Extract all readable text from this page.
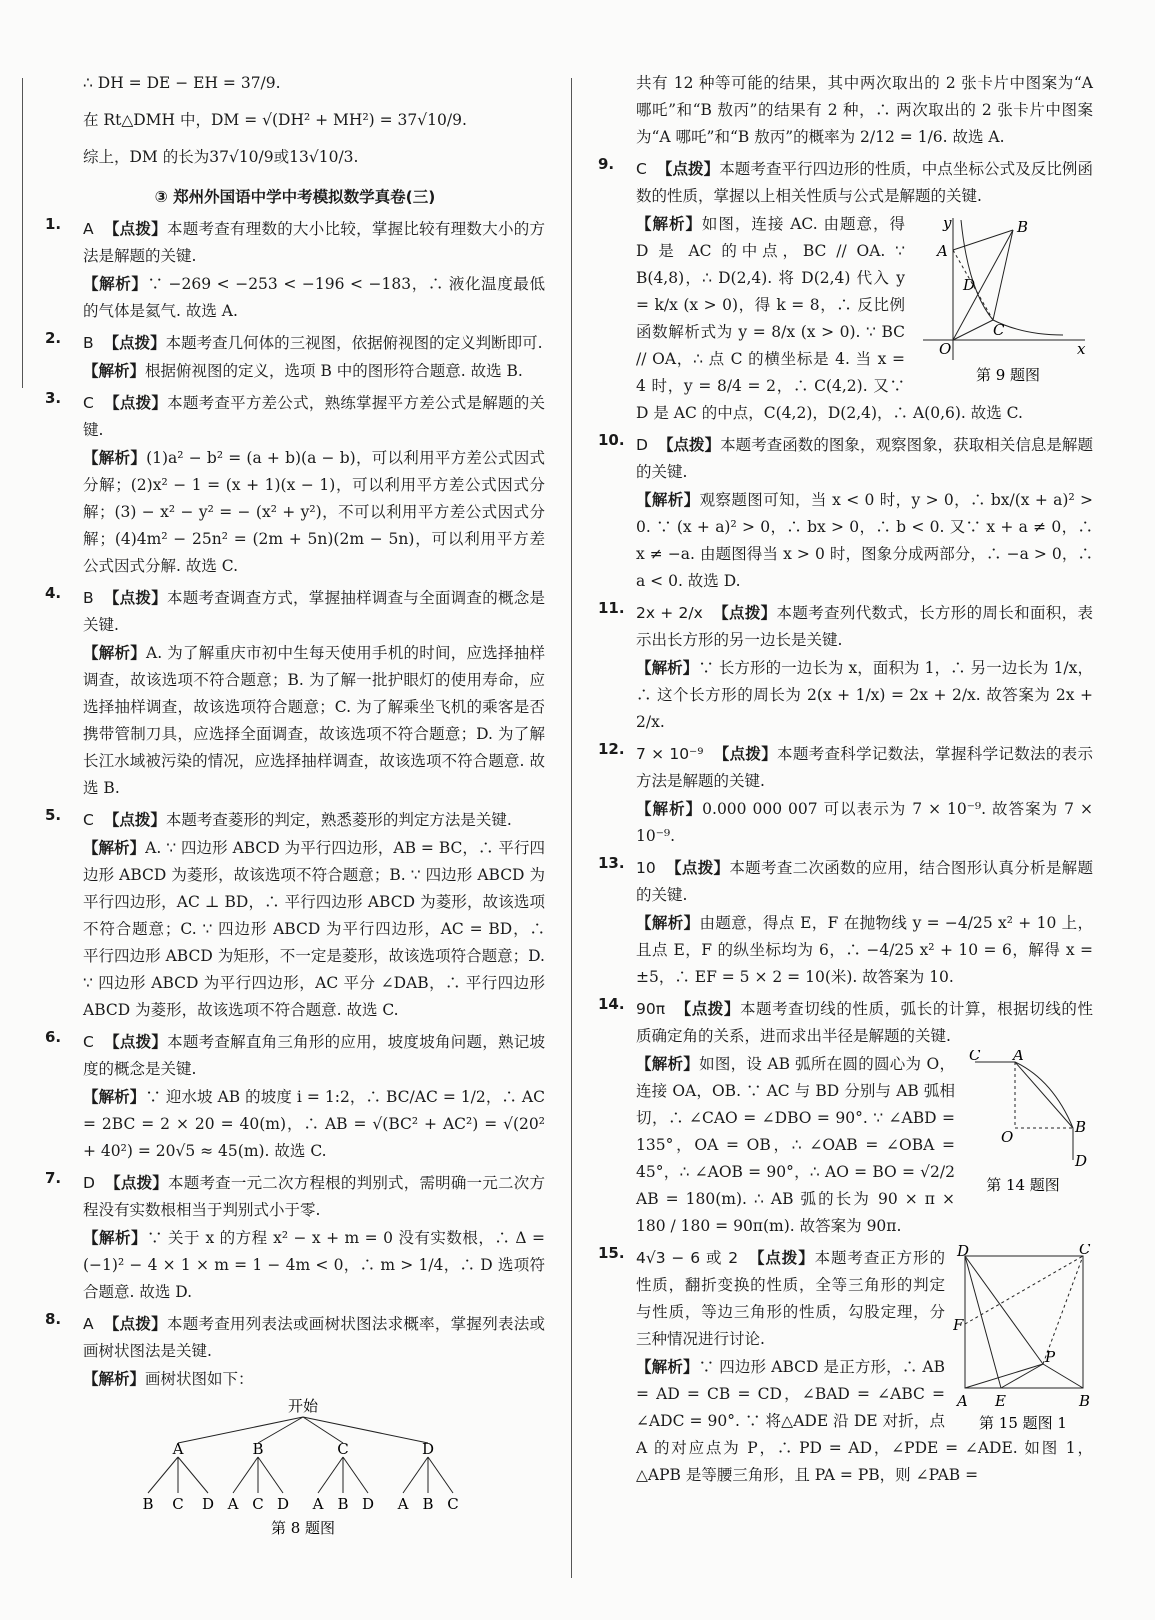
∴ DH = DE − EH = 37/9.

在 Rt△DMH 中，DM = √(DH² + MH²) = 37√10/9.

综上，DM 的长为37√10/9或13√10/3.

③ 郑州外国语中学中考模拟数学真卷(三)
1. A 【点拨】本题考查有理数的大小比较，掌握比较有理数大小的方法是解题的关键.

【解析】∵ −269 < −253 < −196 < −183，∴ 液化温度最低的气体是氦气. 故选 A.

2. B 【点拨】本题考查几何体的三视图，依据俯视图的定义判断即可.

【解析】根据俯视图的定义，选项 B 中的图形符合题意. 故选 B.

3. C 【点拨】本题考查平方差公式，熟练掌握平方差公式是解题的关键.

【解析】(1)a² − b² = (a + b)(a − b)，可以利用平方差公式因式分解；(2)x² − 1 = (x + 1)(x − 1)，可以利用平方差公式因式分解；(3) − x² − y² = − (x² + y²)，不可以利用平方差公式因式分解；(4)4m² − 25n² = (2m + 5n)(2m − 5n)，可以利用平方差公式因式分解. 故选 C.

4. B 【点拨】本题考查调查方式，掌握抽样调查与全面调查的概念是关键.

【解析】A. 为了解重庆市初中生每天使用手机的时间，应选择抽样调查，故该选项不符合题意；B. 为了解一批护眼灯的使用寿命，应选择抽样调查，故该选项符合题意；C. 为了解乘坐飞机的乘客是否携带管制刀具，应选择全面调查，故该选项不符合题意；D. 为了解长江水域被污染的情况，应选择抽样调查，故该选项不符合题意. 故选 B.

5. C 【点拨】本题考查菱形的判定，熟悉菱形的判定方法是关键.

【解析】A. ∵ 四边形 ABCD 为平行四边形，AB = BC，∴ 平行四边形 ABCD 为菱形，故该选项不符合题意；B. ∵ 四边形 ABCD 为平行四边形，AC ⊥ BD，∴ 平行四边形 ABCD 为菱形，故该选项不符合题意；C. ∵ 四边形 ABCD 为平行四边形，AC = BD，∴ 平行四边形 ABCD 为矩形，不一定是菱形，故该选项符合题意；D. ∵ 四边形 ABCD 为平行四边形，AC 平分 ∠DAB，∴ 平行四边形 ABCD 为菱形，故该选项不符合题意. 故选 C.

6. C 【点拨】本题考查解直角三角形的应用，坡度坡角问题，熟记坡度的概念是关键.

【解析】∵ 迎水坡 AB 的坡度 i = 1:2，∴ BC/AC = 1/2，∴ AC = 2BC = 2 × 20 = 40(m)，∴ AB = √(BC² + AC²) = √(20² + 40²) = 20√5 ≈ 45(m). 故选 C.

7. D 【点拨】本题考查一元二次方程根的判别式，需明确一元二次方程没有实数根相当于判别式小于零.

【解析】∵ 关于 x 的方程 x² − x + m = 0 没有实数根，∴ Δ = (−1)² − 4 × 1 × m = 1 − 4m < 0，∴ m > 1/4，∴ D 选项符合题意. 故选 D.

8. A 【点拨】本题考查用列表法或画树状图法求概率，掌握列表法或画树状图法是关键.

【解析】画树状图如下：

开始
A	B	C	D
B C D A C D A B D A B C
第 8 题图

共有 12 种等可能的结果，其中两次取出的 2 张卡片中图案为“A 哪吒”和“B 敖丙”的结果有 2 种，∴ 两次取出的 2 张卡片中图案为“A 哪吒”和“B 敖丙”的概率为 2/12 = 1/6. 故选 A.

9. C 【点拨】本题考查平行四边形的性质，中点坐标公式及反比例函数的性质，掌握以上相关性质与公式是解题的关键.

y	B
A
D
O
C
x
第 9 题图

【解析】如图，连接 AC. 由题意，得 D 是 AC 的中点，BC // OA. ∵ B(4,8)，∴ D(2,4). 将 D(2,4) 代入 y = k/x (x > 0)，得 k = 8，∴ 反比例函数解析式为 y = 8/x (x > 0). ∵ BC // OA，∴ 点 C 的横坐标是 4. 当 x = 4 时，y = 8/4 = 2，∴ C(4,2). 又∵ D 是 AC 的中点，C(4,2)，D(2,4)，∴ A(0,6). 故选 C.

10. D 【点拨】本题考查函数的图象，观察图象，获取相关信息是解题的关键.

【解析】观察题图可知，当 x < 0 时，y > 0，∴ bx/(x + a)² > 0. ∵ (x + a)² > 0，∴ bx > 0，∴ b < 0. 又∵ x + a ≠ 0，∴ x ≠ −a. 由题图得当 x > 0 时，图象分成两部分，∴ −a > 0，∴ a < 0. 故选 D.

11. 2x + 2/x 【点拨】本题考查列代数式，长方形的周长和面积，表示出长方形的另一边长是关键.

【解析】∵ 长方形的一边长为 x，面积为 1，∴ 另一边长为 1/x，∴ 这个长方形的周长为 2(x + 1/x) = 2x + 2/x. 故答案为 2x + 2/x.

12. 7 × 10⁻⁹ 【点拨】本题考查科学记数法，掌握科学记数法的表示方法是解题的关键.

【解析】0.000 000 007 可以表示为 7 × 10⁻⁹. 故答案为 7 × 10⁻⁹.

13. 10 【点拨】本题考查二次函数的应用，结合图形认真分析是解题的关键.

【解析】由题意，得点 E，F 在抛物线 y = −4/25 x² + 10 上，且点 E，F 的纵坐标均为 6，∴ −4/25 x² + 10 = 6，解得 x = ±5，∴ EF = 5 × 2 = 10(米). 故答案为 10.

14. 90π 【点拨】本题考查切线的性质，弧长的计算，根据切线的性质确定角的关系，进而求出半径是解题的关键.

C A
O
B
D
第 14 题图

【解析】如图，设 AB 弧所在圆的圆心为 O，连接 OA，OB. ∵ AC 与 BD 分别与 AB 弧相切，∴ ∠CAO = ∠DBO = 90°. ∵ ∠ABD = 135°，OA = OB，∴ ∠OAB = ∠OBA = 45°，∴ ∠AOB = 90°，∴ AO = BO = √2/2 AB = 180(m). ∴ AB 弧的长为 90 × π × 180 / 180 = 90π(m). 故答案为 90π.

15.	D	C
F
P
A E	B
第 15 题图 1

4√3 − 6 或 2 【点拨】本题考查正方形的性质，翻折变换的性质，全等三角形的判定与性质，等边三角形的性质，勾股定理，分三种情况进行讨论.

【解析】∵ 四边形 ABCD 是正方形，∴ AB = AD = CB = CD，∠BAD = ∠ABC = ∠ADC = 90°. ∵ 将△ADE 沿 DE 对折，点 A 的对应点为 P，∴ PD = AD，∠PDE = ∠ADE. 如图 1，△APB 是等腰三角形，且 PA = PB，则 ∠PAB =
